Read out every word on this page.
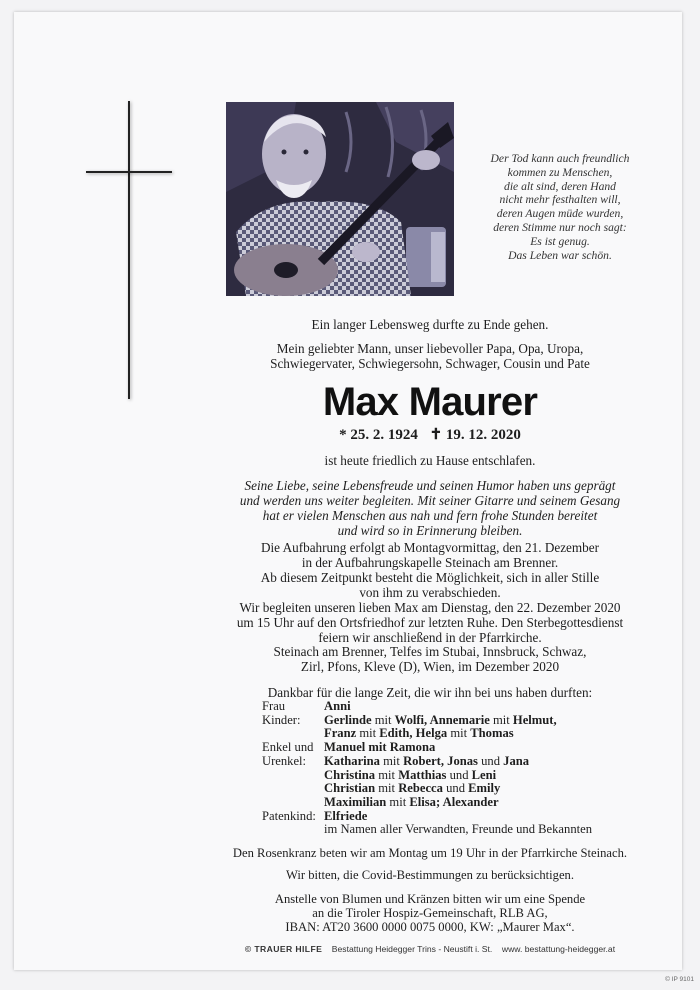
Der Tod kann auch freundlich
kommen zu Menschen,
die alt sind, deren Hand
nicht mehr festhalten will,
deren Augen müde wurden,
deren Stimme nur noch sagt:
Es ist genug.
Das Leben war schön.
Ein langer Lebensweg durfte zu Ende gehen.
Mein geliebter Mann, unser liebevoller Papa, Opa, Uropa,
Schwiegervater, Schwiegersohn, Schwager, Cousin und Pate
Max Maurer
* 25. 2. 1924 ✝ 19. 12. 2020
ist heute friedlich zu Hause entschlafen.
Seine Liebe, seine Lebensfreude und seinen Humor haben uns geprägt
und werden uns weiter begleiten. Mit seiner Gitarre und seinem Gesang
hat er vielen Menschen aus nah und fern frohe Stunden bereitet
und wird so in Erinnerung bleiben.
Die Aufbahrung erfolgt ab Montagvormittag, den 21. Dezember
in der Aufbahrungskapelle Steinach am Brenner.
Ab diesem Zeitpunkt besteht die Möglichkeit, sich in aller Stille
von ihm zu verabschieden.
Wir begleiten unseren lieben Max am Dienstag, den 22. Dezember 2020
um 15 Uhr auf den Ortsfriedhof zur letzten Ruhe. Den Sterbegottesdienst
feiern wir anschließend in der Pfarrkirche.
Steinach am Brenner, Telfes im Stubai, Innsbruck, Schwaz,
Zirl, Pfons, Kleve (D), Wien, im Dezember 2020
Dankbar für die lange Zeit, die wir ihn bei uns haben durften:
Frau	Anni
Kinder:	Gerlinde mit Wolfi, Annemarie mit Helmut,
Franz mit Edith, Helga mit Thomas
Enkel und Manuel mit Ramona
Urenkel:	Katharina mit Robert, Jonas und Jana
Christina mit Matthias und Leni
Christian mit Rebecca und Emily
Maximilian mit Elisa; Alexander
Patenkind: Elfriede
im Namen aller Verwandten, Freunde und Bekannten
Den Rosenkranz beten wir am Montag um 19 Uhr in der Pfarrkirche Steinach.
Wir bitten, die Covid-Bestimmungen zu berücksichtigen.
Anstelle von Blumen und Kränzen bitten wir um eine Spende
an die Tiroler Hospiz-Gemeinschaft, RLB AG,
IBAN: AT20 3600 0000 0075 0000, KW: „Maurer Max“.
© TRAUER HILFE Bestattung Heidegger Trins - Neustift i. St. www. bestattung-heidegger.at
© IP 9101
